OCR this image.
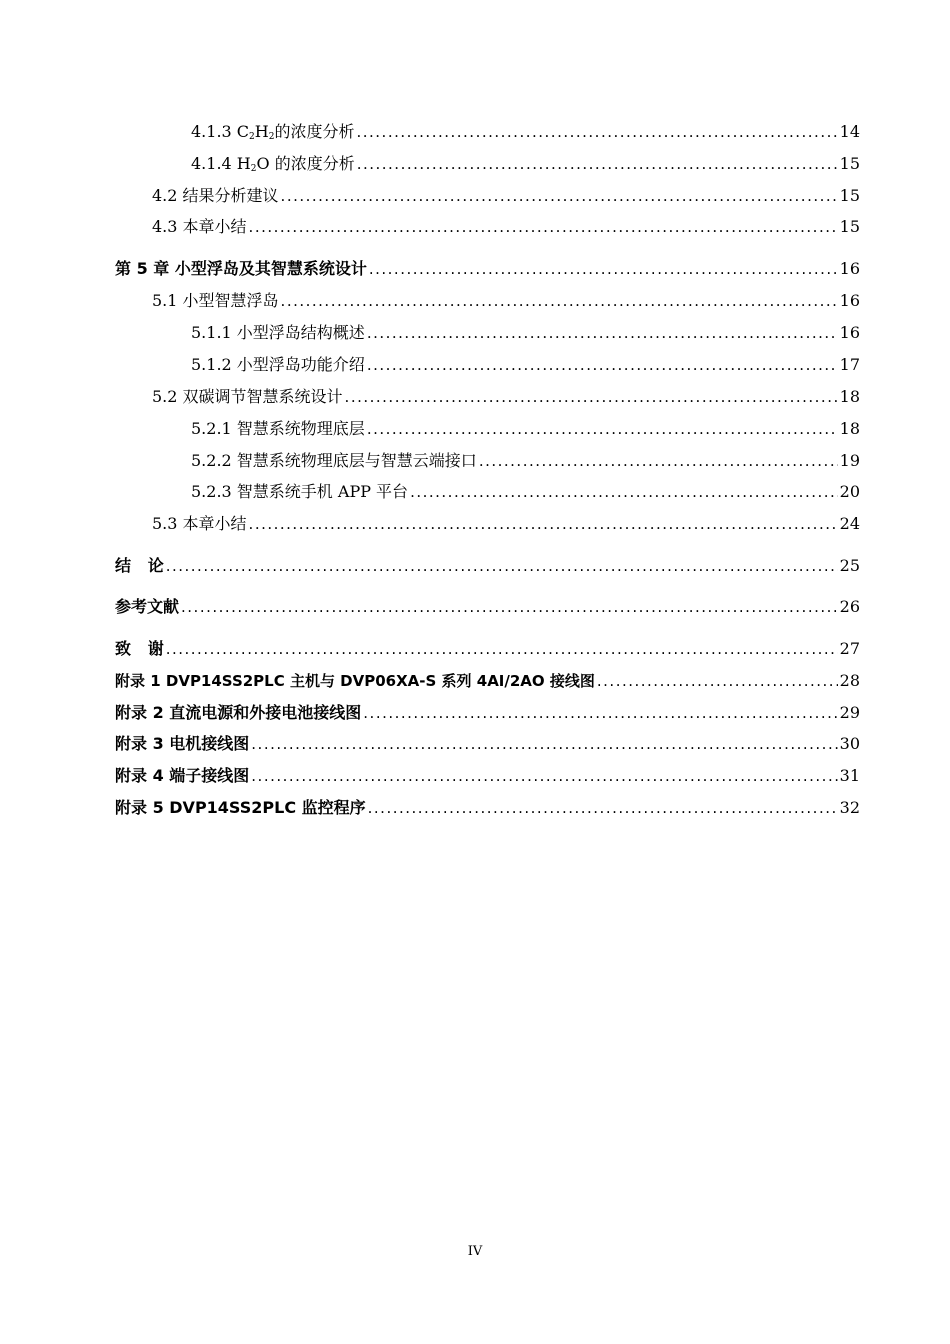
4.1.3 $C_2H_2$的浓度分析 .....	14
4.1.4 $H_2O$ 的浓度分析 .....	15
4.2 结果分析建议 .....	15
4.3 本章小结 .....	15
第 5 章 小型浮岛及其智慧系统设计 .....	16
5.1 小型智慧浮岛 .....	16
5.1.1 小型浮岛结构概述 .....	16
5.1.2 小型浮岛功能介绍 .....	17
5.2 双碳调节智慧系统设计 .....	18
5.2.1 智慧系统物理底层 .....	18
5.2.2 智慧系统物理底层与智慧云端接口 .....	19
5.2.3 智慧系统手机 APP 平台 .....	20
5.3 本章小结 .....	24
结   论 .....	25
参考文献 .....	26
致   谢 .....	27
附录 1 DVP14SS2PLC 主机与 DVP06XA-S 系列 4AI/2AO 接线图 .....	28
附录 2 直流电源和外接电池接线图 .....	29
附录 3 电机接线图 .....	30
附录 4 端子接线图 .....	31
附录 5 DVP14SS2PLC 监控程序 .....	32
IV
